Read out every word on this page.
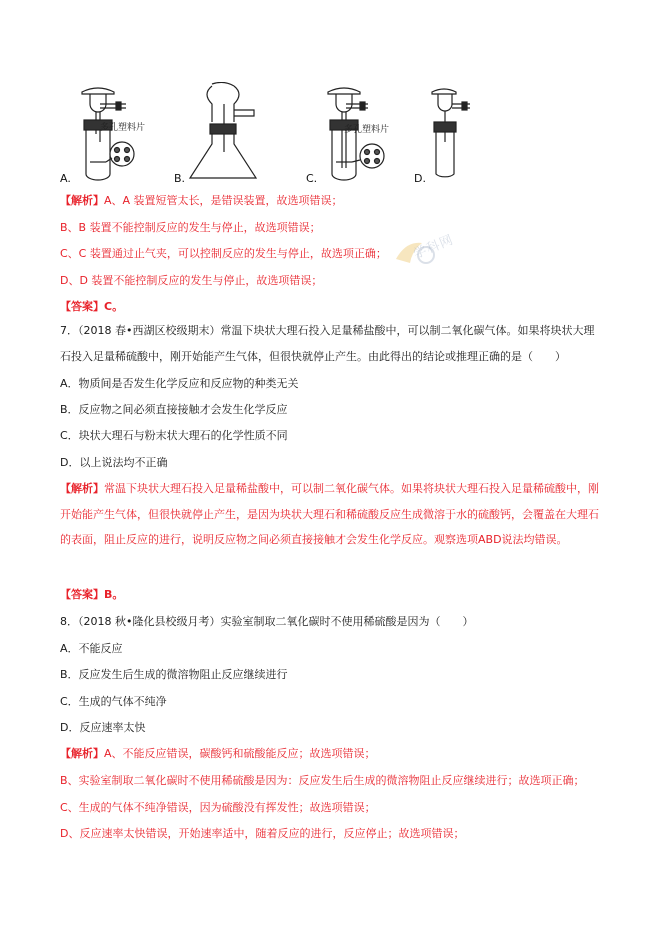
多孔塑料片
A.	B.
多孔塑料片
C.	D.
【解析】A、A 装置短管太长，是错误装置，故选项错误；
B、B 装置不能控制反应的发生与停止，故选项错误；
C、C 装置通过止气夹，可以控制反应的发生与停止，故选项正确；
D、D 装置不能控制反应的发生与停止，故选项错误；
学科网
【答案】C。
7．（2018 春•西湖区校级期末）常温下块状大理石投入足量稀盐酸中，可以制二氧化碳气体。如果将块状大理石投入足量稀硫酸中，刚开始能产生气体，但很快就停止产生。由此得出的结论或推理正确的是（　　）
A．物质间是否发生化学反应和反应物的种类无关
B．反应物之间必须直接接触才会发生化学反应
C．块状大理石与粉末状大理石的化学性质不同
D．以上说法均不正确
【解析】常温下块状大理石投入足量稀盐酸中，可以制二氧化碳气体。如果将块状大理石投入足量稀硫酸中，刚开始能产生气体，但很快就停止产生，是因为块状大理石和稀硫酸反应生成微溶于水的硫酸钙，会覆盖在大理石的表面，阻止反应的进行，说明反应物之间必须直接接触才会发生化学反应。观察选项ABD说法均错误。
【答案】B。
8．（2018 秋•隆化县校级月考）实验室制取二氧化碳时不使用稀硫酸是因为（　　）
A．不能反应
B．反应发生后生成的微溶物阻止反应继续进行
C．生成的气体不纯净
D．反应速率太快
【解析】A、不能反应错误，碳酸钙和硫酸能反应；故选项错误；
B、实验室制取二氧化碳时不使用稀硫酸是因为：反应发生后生成的微溶物阻止反应继续进行；故选项正确；
C、生成的气体不纯净错误，因为硫酸没有挥发性；故选项错误；
D、反应速率太快错误，开始速率适中，随着反应的进行，反应停止；故选项错误；
